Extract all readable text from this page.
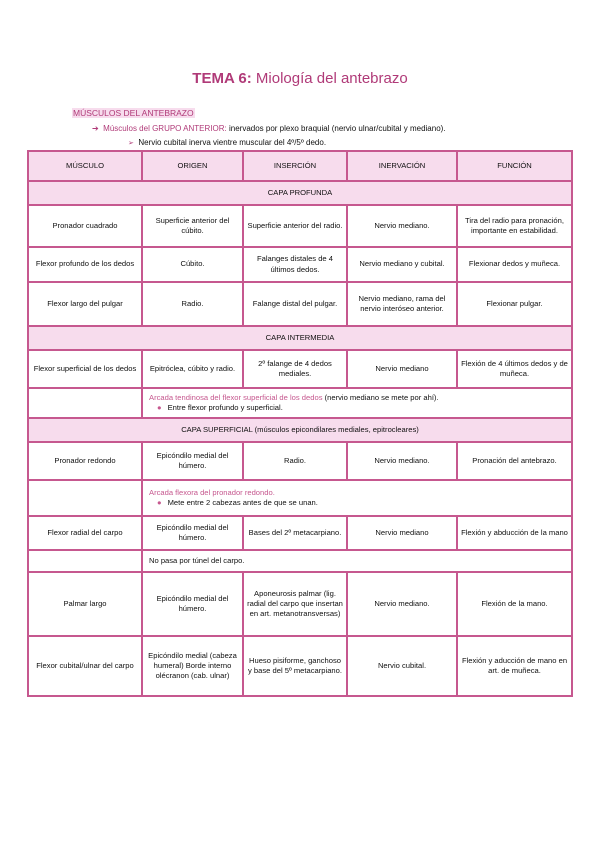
TEMA 6: Miología del antebrazo
MÚSCULOS DEL ANTEBRAZO
➔ Músculos del GRUPO ANTERIOR: inervados por plexo braquial (nervio ulnar/cubital y mediano).
➢ Nervio cubital inerva vientre muscular del 4º/5º dedo.
MÚSCULO	ORIGEN	INSERCIÓN	INERVACIÓN	FUNCIÓN
CAPA PROFUNDA				
Pronador cuadrado	Superficie anterior del cúbito.	Superficie anterior del radio.	Nervio mediano.	Tira del radio para pronación, importante en estabilidad.
Flexor profundo de los dedos	Cúbito.	Falanges distales de 4 últimos dedos.	Nervio mediano y cubital.	Flexionar dedos y muñeca.
Flexor largo del pulgar	Radio.	Falange distal del pulgar.	Nervio mediano, rama del nervio interóseo anterior.	Flexionar pulgar.
CAPA INTERMEDIA				
Flexor superficial de los dedos	Epitróclea, cúbito y radio.	2º falange de 4 dedos mediales.	Nervio mediano	Flexión de 4 últimos dedos y de muñeca.
	Arcada tendinosa del flexor superficial de los dedos (nervio mediano se mete por ahí).
● Entre flexor profundo y superficial.			
CAPA SUPERFICIAL (músculos epicondilares mediales, epitrocleares)				
Pronador redondo	Epicóndilo medial del húmero.	Radio.	Nervio mediano.	Pronación del antebrazo.
	Arcada flexora del pronador redondo.
● Mete entre 2 cabezas antes de que se unan.			
Flexor radial del carpo	Epicóndilo medial del húmero.	Bases del 2º metacarpiano.	Nervio mediano	Flexión y abducción de la mano
	No pasa por túnel del carpo.			
Palmar largo	Epicóndilo medial del húmero.	Aponeurosis palmar (lig. radial del carpo que insertan en art. metanotransversas)	Nervio mediano.	Flexión de la mano.
Flexor cubital/ulnar del carpo	Epicóndilo medial (cabeza humeral) Borde interno olécranon (cab. ulnar)	Hueso pisiforme, ganchoso y base del 5º metacarpiano.	Nervio cubital.	Flexión y aducción de mano en art. de muñeca.
